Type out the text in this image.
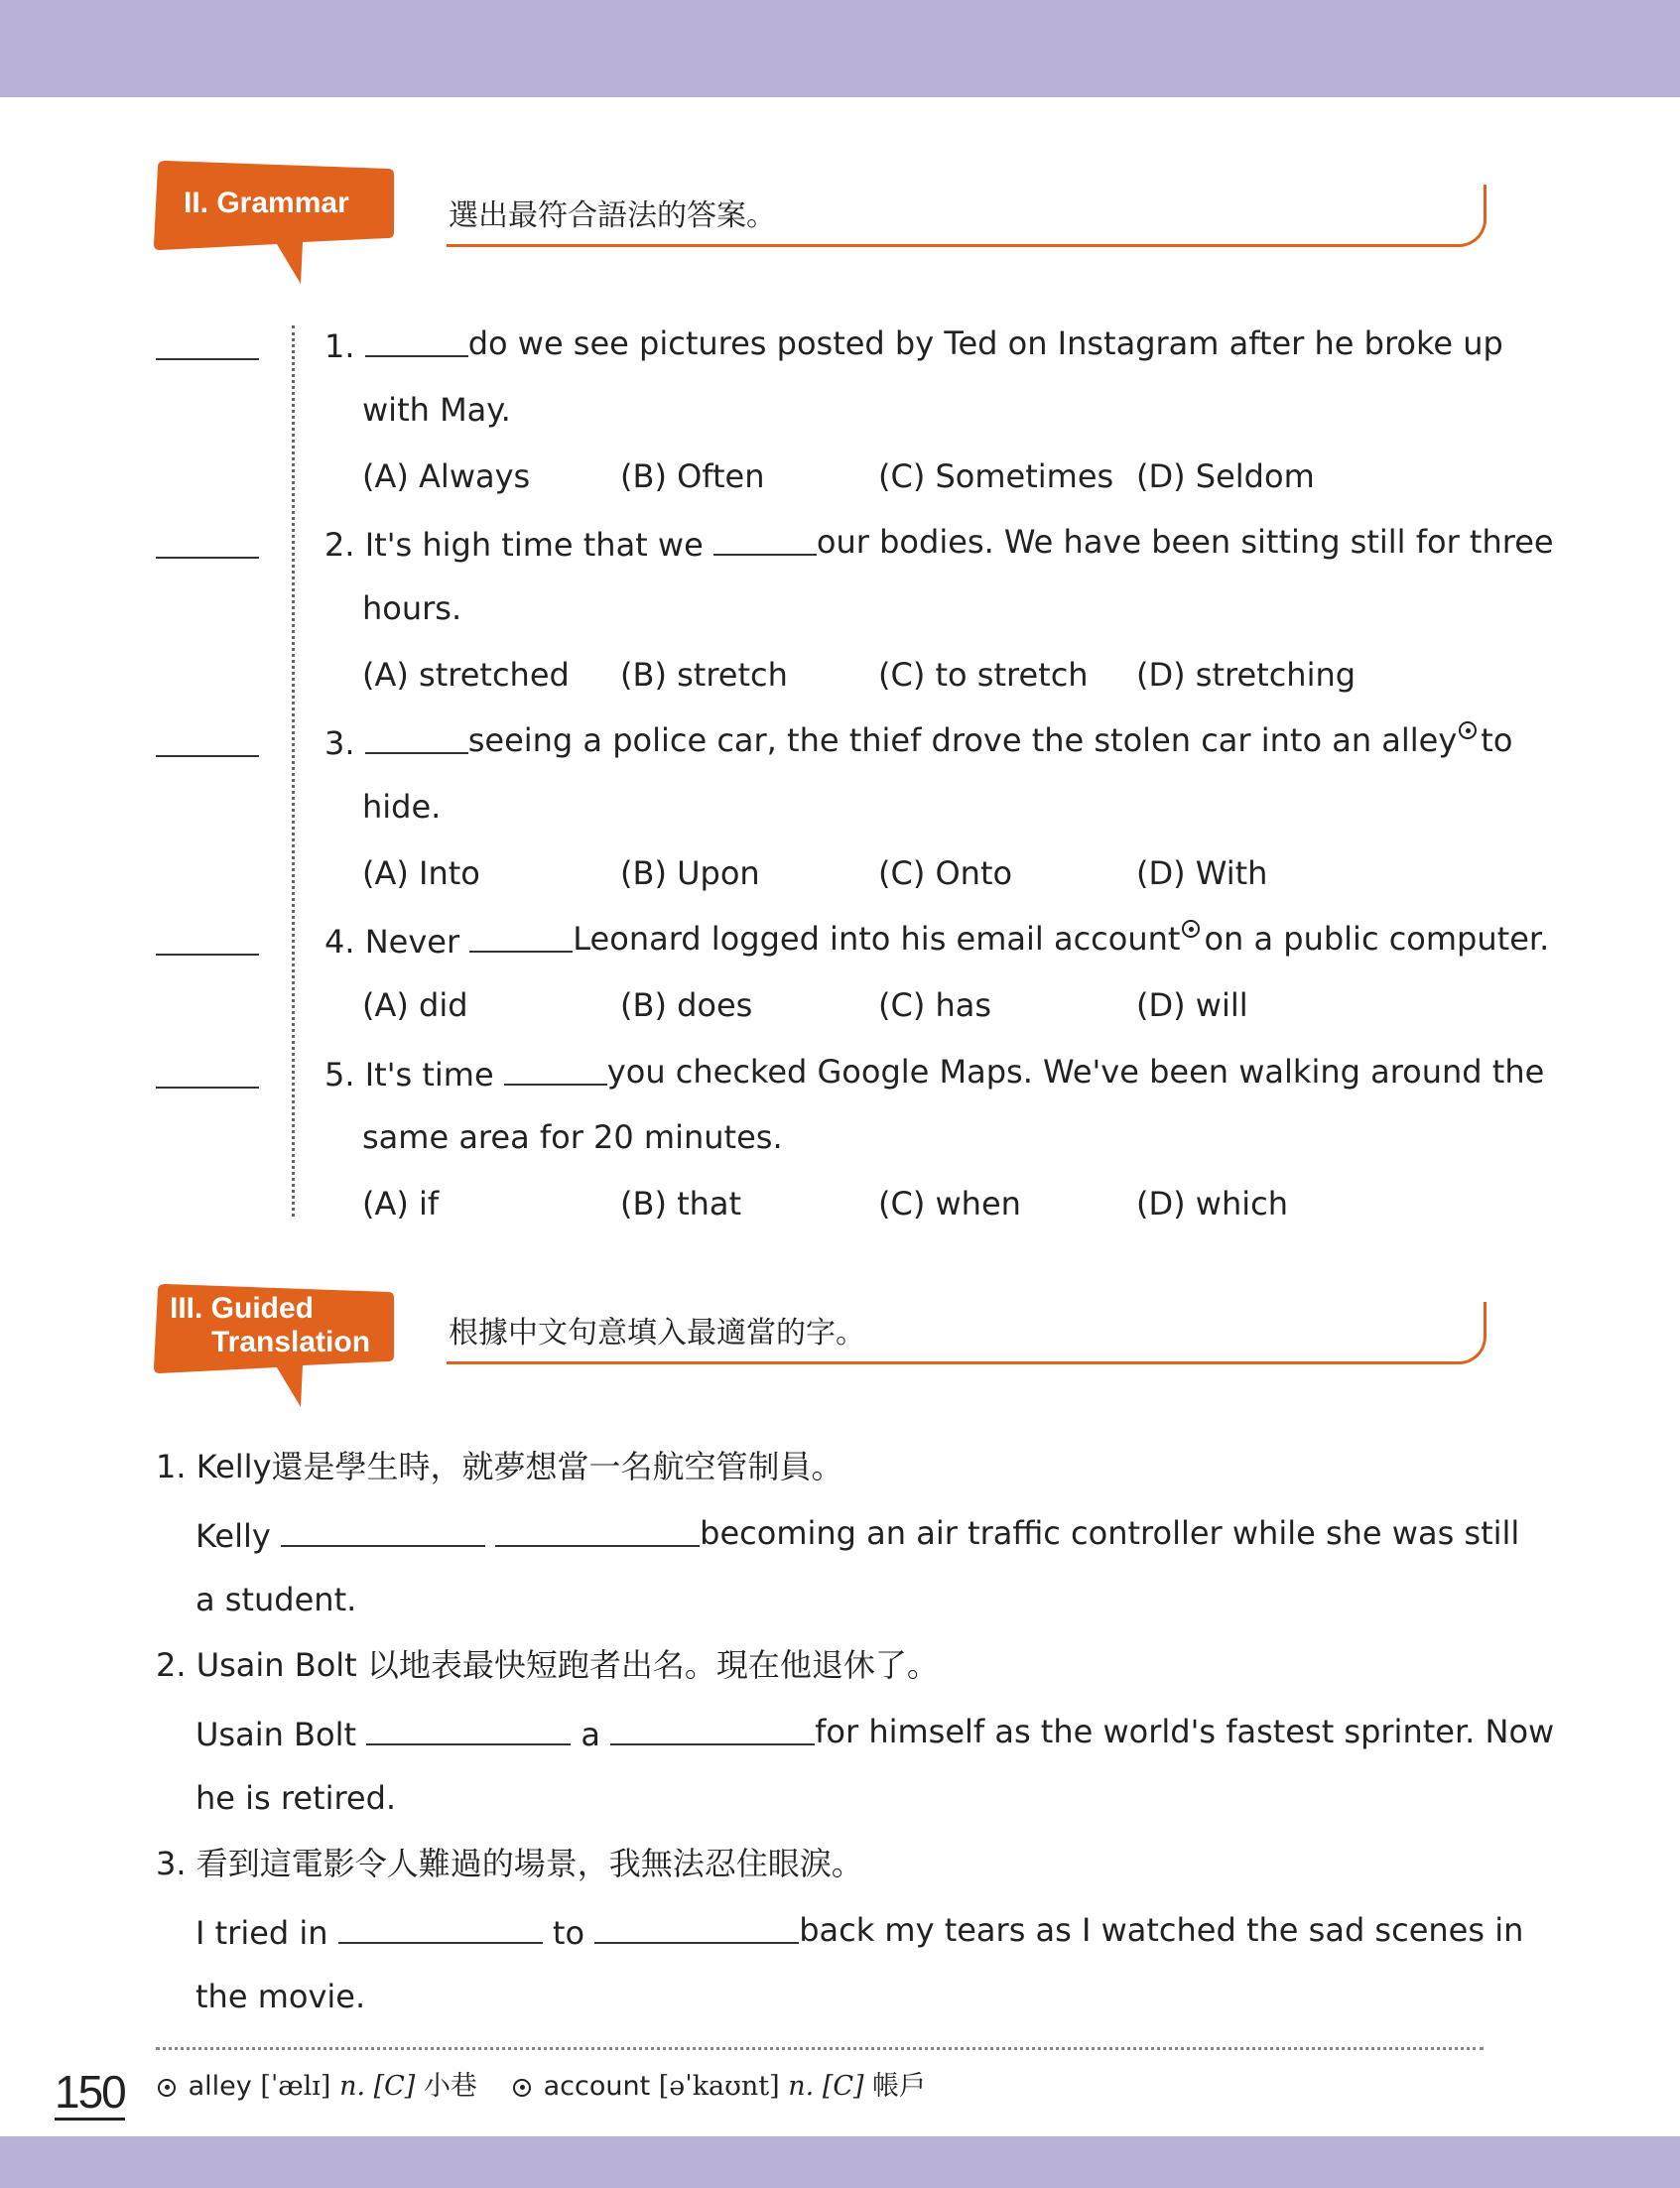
II. Grammar	選出最符合語法的答案。
1.	do we see pictures posted by Ted on Instagram after he broke up
with May.
(A) Always	(B) Often	(C) Sometimes (D) Seldom
2. It's high time that we	our bodies. We have been sitting still for three
hours.
(A) stretched (B) stretch	(C) to stretch (D) stretching
3.	seeing a police car, the thief drove the stolen car into an alley to
hide.
(A) Into	(B) Upon	(C) Onto	(D) With
4. Never	Leonard logged into his email account on a public computer.
(A) did	(B) does	(C) has	(D) will
5. It's time	you checked Google Maps. We've been walking around the
same area for 20 minutes.
(A) if	(B) that	(C) when	(D) which
III. Guided
Translation	根據中文句意填入最適當的字。
1. Kelly還是學生時，就夢想當一名航空管制員。
Kelly	becoming an air traffic controller while she was still
a student.
2. Usain Bolt 以地表最快短跑者出名。現在他退休了。
Usain Bolt	a	for himself as the world's fastest sprinter. Now
he is retired.
3. 看到這電影令人難過的場景，我無法忍住眼淚。
I tried in	to	back my tears as I watched the sad scenes in
the movie.
alley [ˈælɪ] n. [C] 小巷	account [əˈkaʊnt] n. [C] 帳戶
150
